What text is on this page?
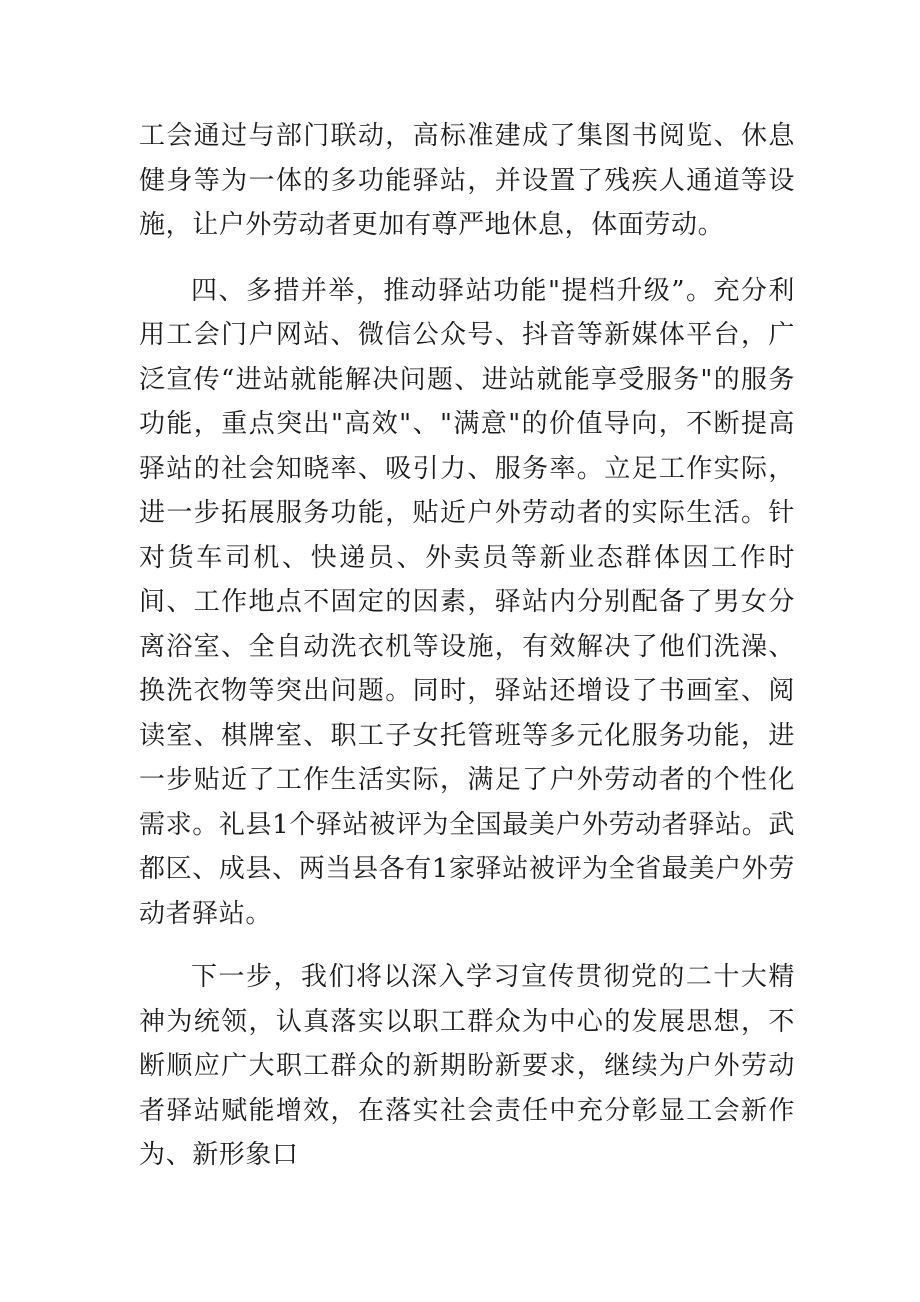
工会通过与部门联动，高标准建成了集图书阅览、休息健身等为一体的多功能驿站，并设置了残疾人通道等设施，让户外劳动者更加有尊严地休息，体面劳动。

四、多措并举，推动驿站功能"提档升级”。充分利用工会门户网站、微信公众号、抖音等新媒体平台，广泛宣传“进站就能解决问题、进站就能享受服务"的服务功能，重点突出"高效"、"满意"的价值导向，不断提高驿站的社会知晓率、吸引力、服务率。立足工作实际，进一步拓展服务功能，贴近户外劳动者的实际生活。针对货车司机、快递员、外卖员等新业态群体因工作时间、工作地点不固定的因素，驿站内分别配备了男女分离浴室、全自动洗衣机等设施，有效解决了他们洗澡、换洗衣物等突出问题。同时，驿站还增设了书画室、阅读室、棋牌室、职工子女托管班等多元化服务功能，进一步贴近了工作生活实际，满足了户外劳动者的个性化需求。礼县1个驿站被评为全国最美户外劳动者驿站。武都区、成县、两当县各有1家驿站被评为全省最美户外劳动者驿站。

下一步，我们将以深入学习宣传贯彻党的二十大精神为统领，认真落实以职工群众为中心的发展思想，不断顺应广大职工群众的新期盼新要求，继续为户外劳动者驿站赋能增效，在落实社会责任中充分彰显工会新作为、新形象口
